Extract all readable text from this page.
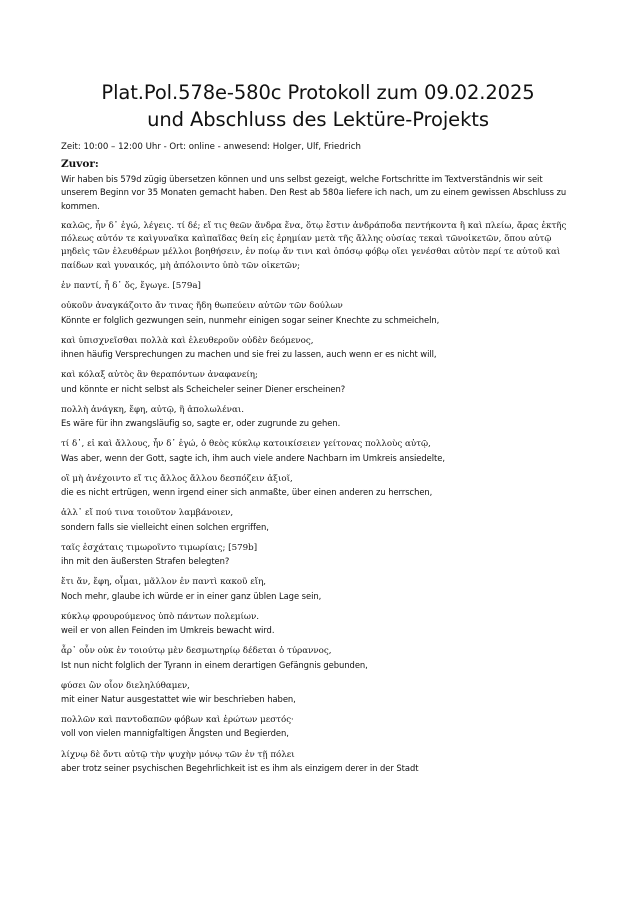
Plat.Pol.578e-580c Protokoll zum 09.02.2025
und Abschluss des Lektüre-Projekts
Zeit: 10:00 – 12:00 Uhr - Ort: online - anwesend: Holger, Ulf, Friedrich
Zuvor:

Wir haben bis 579d zügig übersetzen können und uns selbst gezeigt, welche Fortschritte im Textverständnis wir seit unserem Beginn vor 35 Monaten gemacht haben. Den Rest ab 580a liefere ich nach, um zu einem gewissen Abschluss zu kommen.

καλῶς, ἦν δ᾽ ἐγώ, λέγεις. τί δέ; εἴ τις θεῶν ἄνδρα ἕνα, ὅτῳ ἔστιν ἀνδράποδα πεντήκοντα ἢ καὶ πλείω, ἄρας ἐκτῆς πόλεως αὐτόν τε καὶγυναῖκα καὶπαῖδας θείη εἰς ἐρημίαν μετὰ τῆς ἄλλης οὐσίας τεκαὶ τῶνοἰκετῶν, ὅπου αὐτῷ μηδεὶς τῶν ἐλευθέρων μέλλοι βοηθήσειν, ἐν ποίῳ ἄν τινι καὶ ὁπόσῳ φόβῳ οἴει γενέσθαι αὐτὸν περί τε αὑτοῦ καὶ παίδων καὶ γυναικός, μὴ ἀπόλοιντο ὑπὸ τῶν οἰκετῶν;

ἐν παντί, ἦ δ᾽ ὅς, ἔγωγε. [579a]
οὐκοῦν ἀναγκάζοιτο ἄν τινας ἤδη θωπεύειν αὐτῶν τῶν δούλων
Könnte er folglich gezwungen sein, nunmehr einigen sogar seiner Knechte zu schmeicheln,
καὶ ὑπισχνεῖσθαι πολλὰ καὶ ἐλευθεροῦν οὐδὲν δεόμενος,
ihnen häufig Versprechungen zu machen und sie frei zu lassen, auch wenn er es nicht will,
καὶ κόλαξ αὐτὸς ἂν θεραπόντων ἀναφανείη;
und könnte er nicht selbst als Scheicheler seiner Diener erscheinen?
πολλὴ ἀνάγκη, ἔφη, αὐτῷ, ἢ ἀπολωλέναι.
Es wäre für ihn zwangsläufig so, sagte er, oder zugrunde zu gehen.
τί δ᾽, εἰ καὶ ἄλλους, ἦν δ᾽ ἐγώ, ὁ θεὸς κύκλῳ κατοικίσειεν γείτονας πολλοὺς αὐτῷ,
Was aber, wenn der Gott, sagte ich, ihm auch viele andere Nachbarn im Umkreis ansiedelte,
οἳ μὴ ἀνέχοιντο εἴ τις ἄλλος ἄλλου δεσπόζειν ἀξιοῖ,
die es nicht ertrügen, wenn irgend einer sich anmaßte, über einen anderen zu herrschen,
ἀλλ᾽ εἴ πού τινα τοιοῦτον λαμβάνοιεν,
sondern falls sie vielleicht einen solchen ergriffen,
ταῖς ἐσχάταις τιμωροῖντο τιμωρίαις; [579b]
ihn mit den äußersten Strafen belegten?
ἔτι ἄν, ἔφη, οἶμαι, μᾶλλον ἐν παντὶ κακοῦ εἴη,
Noch mehr, glaube ich würde er in einer ganz üblen Lage sein,
κύκλῳ φρουρούμενος ὑπὸ πάντων πολεμίων.
weil er von allen Feinden im Umkreis bewacht wird.
ἆρ᾽ οὖν οὐκ ἐν τοιούτῳ μὲν δεσμωτηρίῳ δέδεται ὁ τύραννος,
Ist nun nicht folglich der Tyrann in einem derartigen Gefängnis gebunden,
φύσει ὢν οἷον διεληλύθαμεν,
mit einer Natur ausgestattet wie wir beschrieben haben,
πολλῶν καὶ παντοδαπῶν φόβων καὶ ἐρώτων μεστός·
voll von vielen mannigfaltigen Ängsten und Begierden,
λίχνῳ δὲ ὄντι αὐτῷ τὴν ψυχὴν μόνῳ τῶν ἐν τῇ πόλει
aber trotz seiner psychischen Begehrlichkeit ist es ihm als einzigem derer in der Stadt
